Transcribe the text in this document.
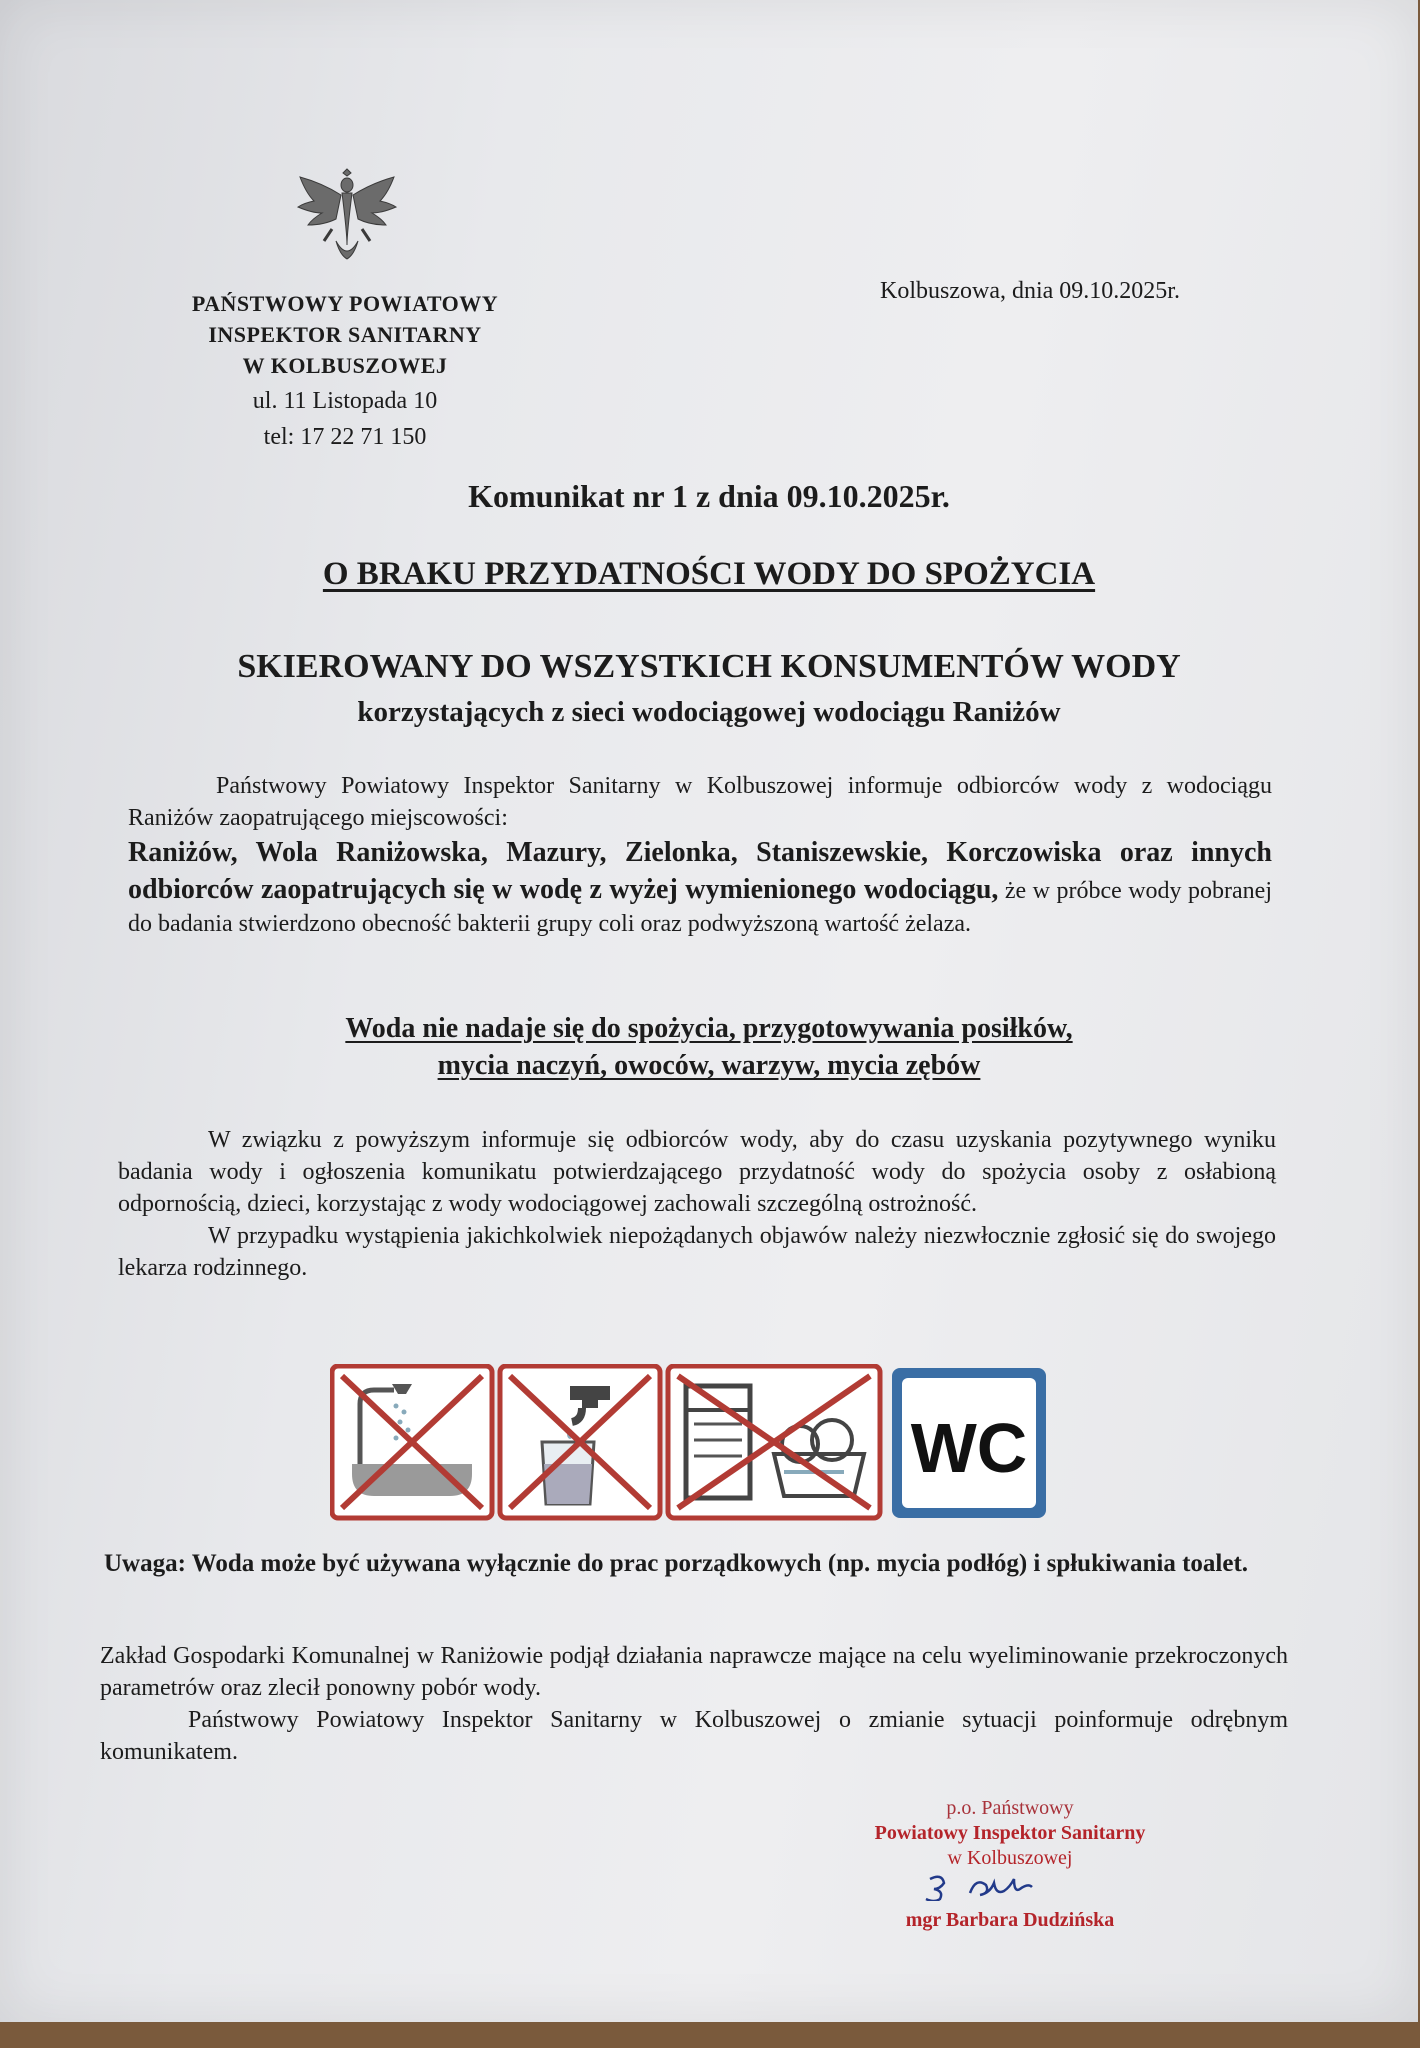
PAŃSTWOWY POWIATOWY
INSPEKTOR SANITARNY
W KOLBUSZOWEJ
ul. 11 Listopada 10
tel: 17 22 71 150
Kolbuszowa, dnia 09.10.2025r.
Komunikat nr 1 z dnia 09.10.2025r.
O BRAKU PRZYDATNOŚCI WODY DO SPOŻYCIA
SKIEROWANY DO WSZYSTKICH KONSUMENTÓW WODY
korzystających z sieci wodociągowej wodociągu Raniżów
Państwowy Powiatowy Inspektor Sanitarny w Kolbuszowej informuje odbiorców wody z wodociągu Raniżów zaopatrującego miejscowości:
Raniżów, Wola Raniżowska, Mazury, Zielonka, Staniszewskie, Korczowiska oraz innych odbiorców zaopatrujących się w wodę z wyżej wymienionego wodociągu, że w próbce wody pobranej do badania stwierdzono obecność bakterii grupy coli oraz podwyższoną wartość żelaza.
Woda nie nadaje się do spożycia, przygotowywania posiłków,
mycia naczyń, owoców, warzyw, mycia zębów

W związku z powyższym informuje się odbiorców wody, aby do czasu uzyskania pozytywnego wyniku badania wody i ogłoszenia komunikatu potwierdzającego przydatność wody do spożycia osoby z osłabioną odpornością, dzieci, korzystając z wody wodociągowej zachowali szczególną ostrożność.

W przypadku wystąpienia jakichkolwiek niepożądanych objawów należy niezwłocznie zgłosić się do swojego lekarza rodzinnego.

WC
Uwaga: Woda może być używana wyłącznie do prac porządkowych (np. mycia podłóg) i spłukiwania toalet.

Zakład Gospodarki Komunalnej w Raniżowie podjął działania naprawcze mające na celu wyeliminowanie przekroczonych parametrów oraz zlecił ponowny pobór wody.

Państwowy Powiatowy Inspektor Sanitarny w Kolbuszowej o zmianie sytuacji poinformuje odrębnym komunikatem.

p.o. Państwowy
Powiatowy Inspektor Sanitarny
w Kolbuszowej
mgr Barbara Dudzińska
